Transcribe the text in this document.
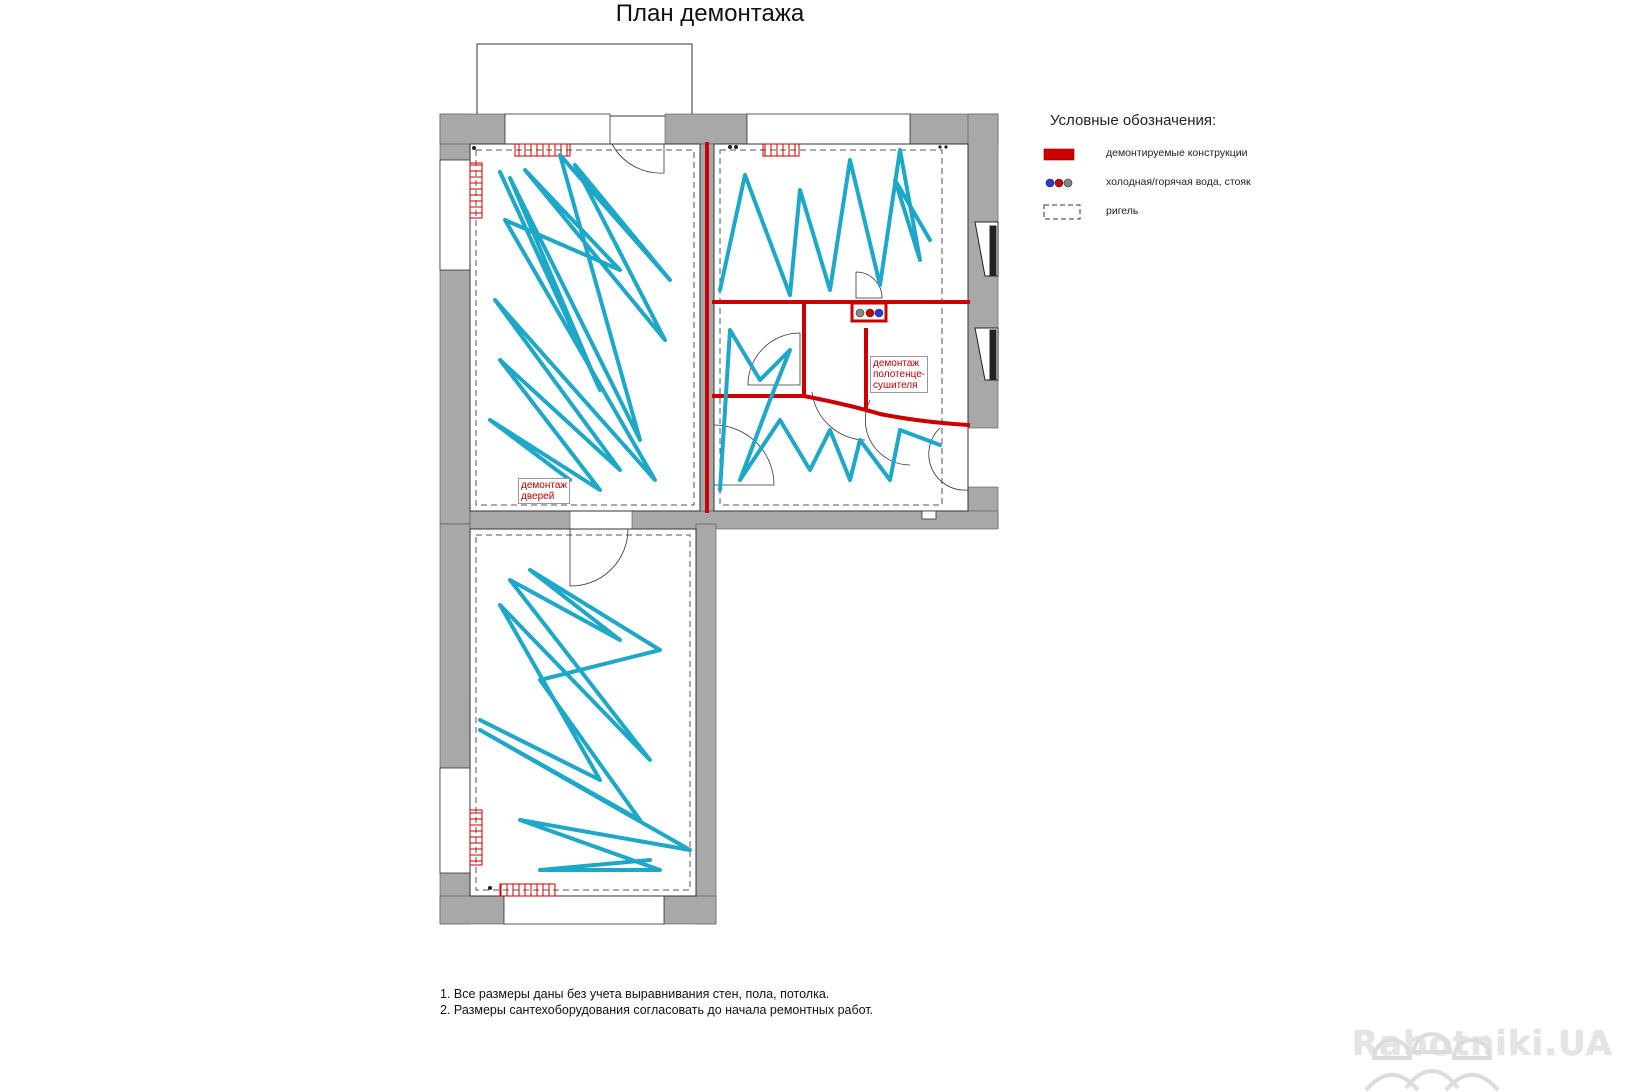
План демонтажа
демонтаж
дверей
демонтаж
полотенце-
сушителя
Условные обозначения:
демонтируемые конструкции
холодная/горячая вода, стояк
ригель
1. Все размеры даны без учета выравнивания стен, пола, потолка.
2. Размеры сантехоборудования согласовать до начала ремонтных работ.
Rabotniki.UA
